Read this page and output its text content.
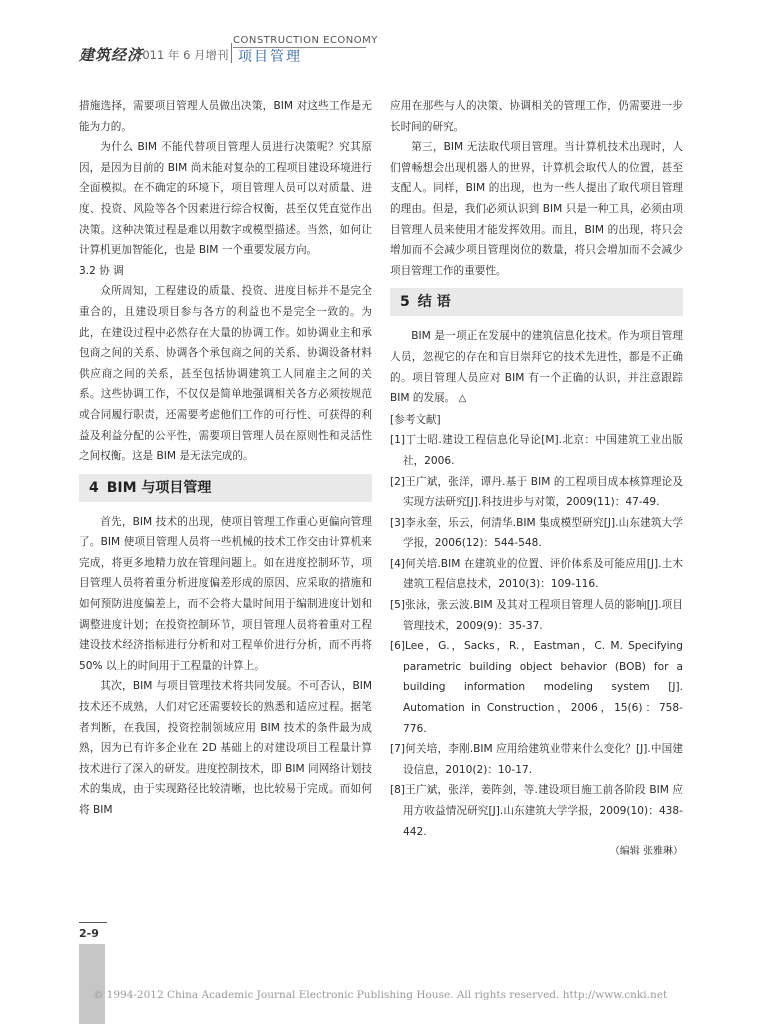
建筑经济
2011 年 6 月增刊
CONSTRUCTION ECONOMY
项目管理

措施选择，需要项目管理人员做出决策，BIM 对这些工作是无能为力的。

为什么 BIM 不能代替项目管理人员进行决策呢？究其原因，是因为目前的 BIM 尚未能对复杂的工程项目建设环境进行全面模拟。在不确定的环境下，项目管理人员可以对质量、进度、投资、风险等各个因素进行综合权衡，甚至仅凭直觉作出决策。这种决策过程是难以用数字或模型描述。当然，如何让计算机更加智能化，也是 BIM 一个重要发展方向。

3.2 协 调

众所周知，工程建设的质量、投资、进度目标并不是完全重合的，且建设项目参与各方的利益也不是完全一致的。为此，在建设过程中必然存在大量的协调工作。如协调业主和承包商之间的关系、协调各个承包商之间的关系、协调设备材料供应商之间的关系，甚至包括协调建筑工人同雇主之间的关系。这些协调工作，不仅仅是简单地强调相关各方必须按规范或合同履行职责，还需要考虑他们工作的可行性、可获得的利益及利益分配的公平性，需要项目管理人员在原则性和灵活性之间权衡。这是 BIM 是无法完成的。

4 BIM 与项目管理

首先，BIM 技术的出现，使项目管理工作重心更偏向管理了。BIM 使项目管理人员将一些机械的技术工作交由计算机来完成，将更多地精力放在管理问题上。如在进度控制环节，项目管理人员将着重分析进度偏差形成的原因、应采取的措施和如何预防进度偏差上，而不会将大量时间用于编制进度计划和调整进度计划；在投资控制环节，项目管理人员将着重对工程建设技术经济指标进行分析和对工程单价进行分析，而不再将 50% 以上的时间用于工程量的计算上。

其次，BIM 与项目管理技术将共同发展。不可否认，BIM 技术还不成熟，人们对它还需要较长的熟悉和适应过程。据笔者判断，在我国，投资控制领域应用 BIM 技术的条件最为成熟，因为已有许多企业在 2D 基础上的对建设项目工程量计算技术进行了深入的研发。进度控制技术，即 BIM 同网络计划技术的集成，由于实现路径比较清晰，也比较易于完成。而如何将 BIM

应用在那些与人的决策、协调相关的管理工作，仍需要进一步长时间的研究。

第三，BIM 无法取代项目管理。当计算机技术出现时，人们曾畅想会出现机器人的世界，计算机会取代人的位置，甚至支配人。同样，BIM 的出现，也为一些人提出了取代项目管理的理由。但是，我们必须认识到 BIM 只是一种工具，必须由项目管理人员来使用才能发挥效用。而且，BIM 的出现，将只会增加而不会减少项目管理岗位的数量，将只会增加而不会减少项目管理工作的重要性。

5 结 语

BIM 是一项正在发展中的建筑信息化技术。作为项目管理人员，忽视它的存在和盲目崇拜它的技术先进性，都是不正确的。项目管理人员应对 BIM 有一个正确的认识，并注意跟踪 BIM 的发展。 △

[参考文献]

[1]丁士昭.建设工程信息化导论[M].北京：中国建筑工业出版社，2006.

[2]王广斌，张洋，谭丹.基于 BIM 的工程项目成本核算理论及实现方法研究[J].科技进步与对策，2009(11)：47-49.

[3]李永奎，乐云，何清华.BIM 集成模型研究[J].山东建筑大学学报，2006(12)：544-548.

[4]何关培.BIM 在建筑业的位置、评价体系及可能应用[J].土木建筑工程信息技术，2010(3)：109-116.

[5]张泳，张云波.BIM 及其对工程项目管理人员的影响[J].项目管理技术，2009(9)：35-37.

[6]Lee，G.，Sacks，R.，Eastman，C. M. Specifying parametric building object behavior (BOB) for a building information modeling system [J]. Automation in Construction，2006，15(6)：758-776.

[7]何关培，李刚.BIM 应用给建筑业带来什么变化？[J].中国建设信息，2010(2)：10-17.

[8]王广斌，张洋，姜阵剑，等.建设项目施工前各阶段 BIM 应用方收益情况研究[J].山东建筑大学学报，2009(10)：438-442.

（编辑 张雅琳）

2-9
© 1994-2012 China Academic Journal Electronic Publishing House. All rights reserved. http://www.cnki.net
